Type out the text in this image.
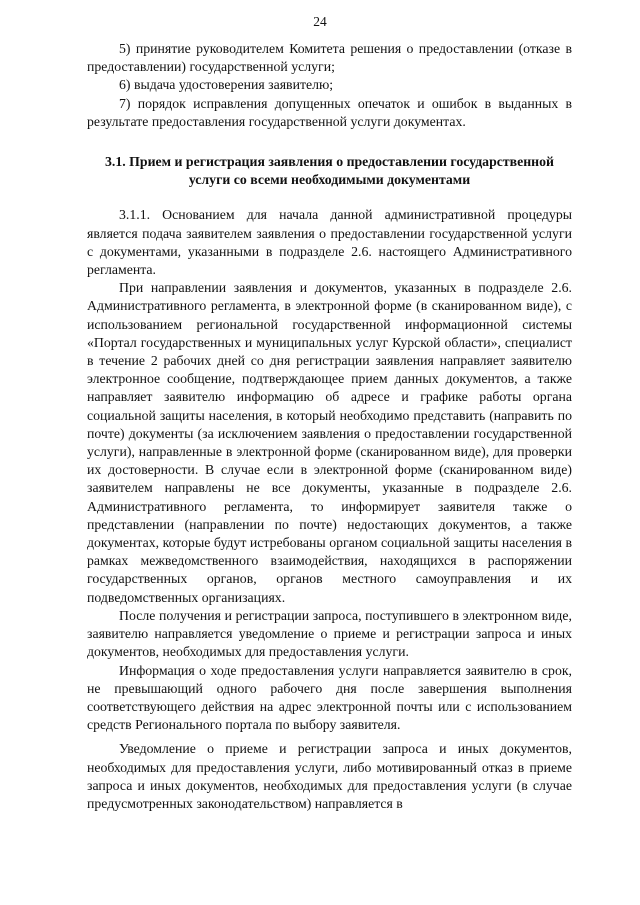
24

5) принятие руководителем Комитета решения о предоставлении (отказе в предоставлении) государственной услуги;

6) выдача удостоверения заявителю;

7) порядок исправления допущенных опечаток и ошибок в выданных в результате предоставления государственной услуги документах.

3.1. Прием и регистрация заявления о предоставлении государственной услуги со всеми необходимыми документами

3.1.1. Основанием для начала данной административной процедуры является подача заявителем заявления о предоставлении государственной услуги с документами, указанными в подразделе 2.6. настоящего Административного регламента.

При направлении заявления и документов, указанных в подразделе 2.6. Административного регламента, в электронной форме (в сканированном виде), с использованием региональной государственной информационной системы «Портал государственных и муниципальных услуг Курской области», специалист в течение 2 рабочих дней со дня регистрации заявления направляет заявителю электронное сообщение, подтверждающее прием данных документов, а также направляет заявителю информацию об адресе и графике работы органа социальной защиты населения, в который необходимо представить (направить по почте) документы (за исключением заявления о предоставлении государственной услуги), направленные в электронной форме (сканированном виде), для проверки их достоверности. В случае если в электронной форме (сканированном виде) заявителем направлены не все документы, указанные в подразделе 2.6. Административного регламента, то информирует заявителя также о представлении (направлении по почте) недостающих документов, а также документах, которые будут истребованы органом социальной защиты населения в рамках межведомственного взаимодействия, находящихся в распоряжении государственных органов, органов местного самоуправления и их подведомственных организациях.

После получения и регистрации запроса, поступившего в электронном виде, заявителю направляется уведомление о приеме и регистрации запроса и иных документов, необходимых для предоставления услуги.

Информация о ходе предоставления услуги направляется заявителю в срок, не превышающий одного рабочего дня после завершения выполнения соответствующего действия на адрес электронной почты или с использованием средств Регионального портала по выбору заявителя.

Уведомление о приеме и регистрации запроса и иных документов, необходимых для предоставления услуги, либо мотивированный отказ в приеме запроса и иных документов, необходимых для предоставления услуги (в случае предусмотренных законодательством) направляется в
